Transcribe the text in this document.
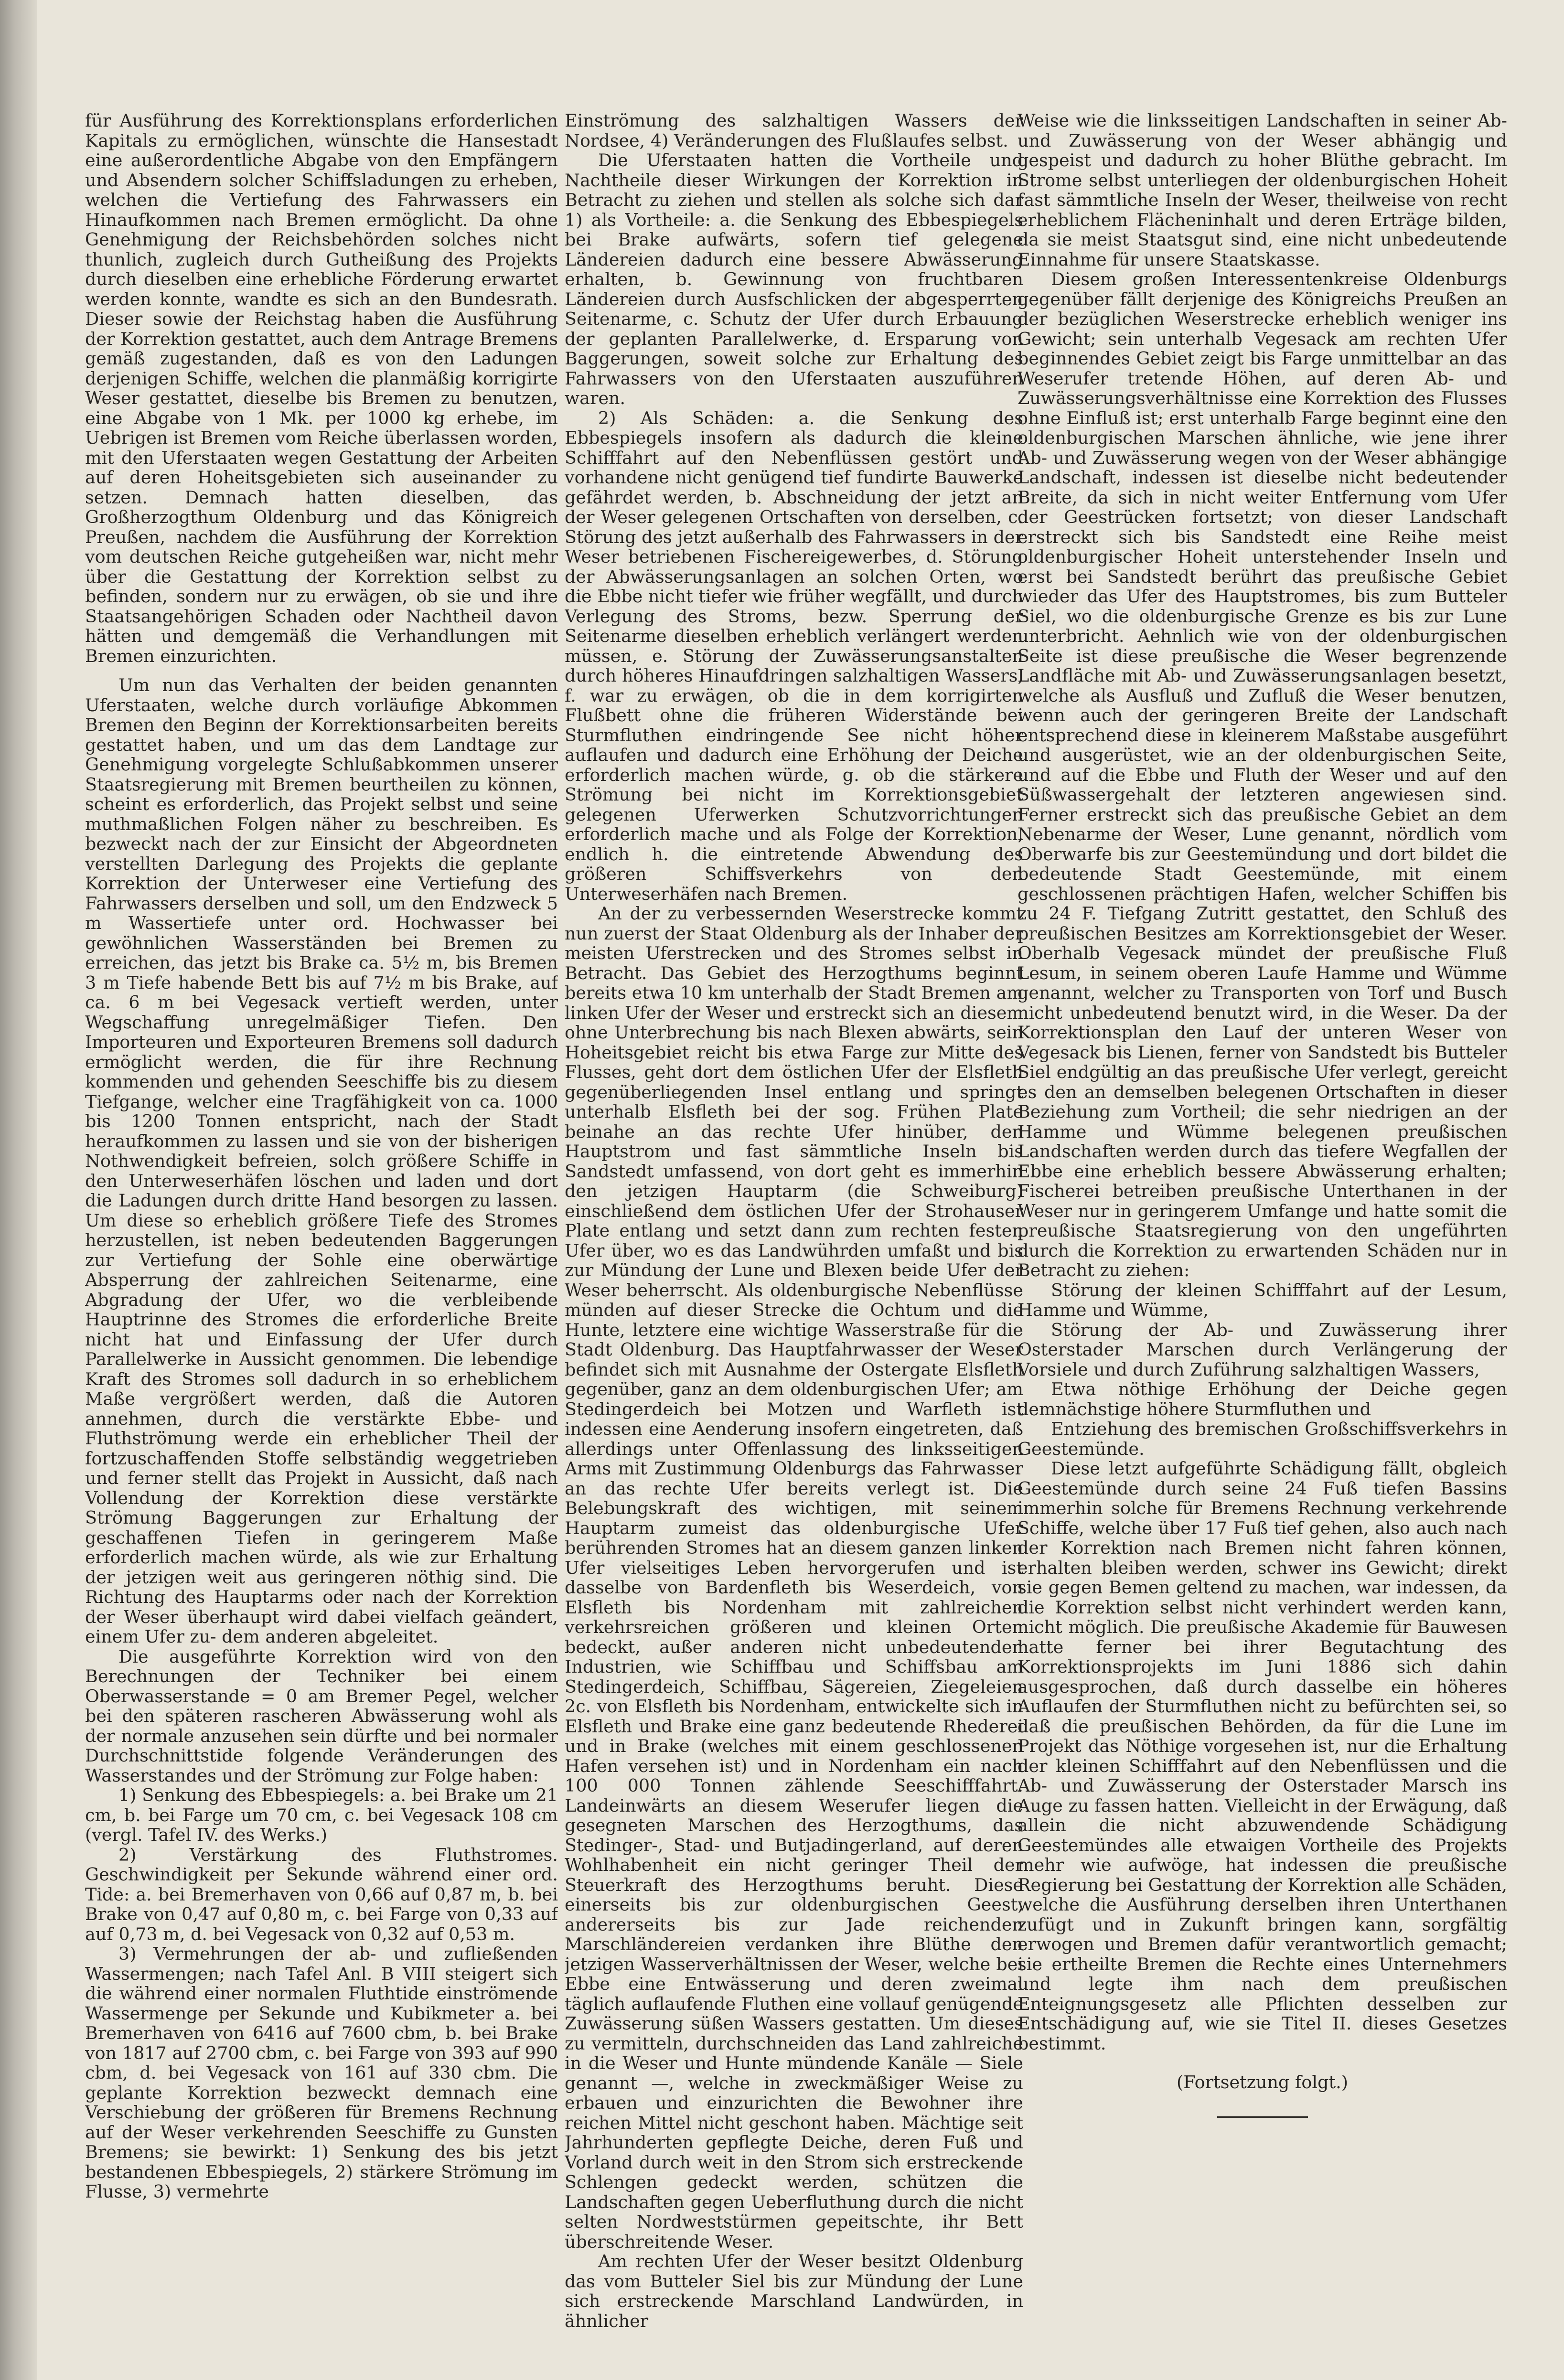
für Ausführung des Korrektionsplans erforderlichen Kapitals zu ermöglichen, wünschte die Hansestadt eine außerordentliche Abgabe von den Empfängern und Absendern solcher Schiffsladungen zu erheben, welchen die Vertiefung des Fahrwassers ein Hinaufkommen nach Bremen ermöglicht. Da ohne Genehmigung der Reichsbehörden solches nicht thunlich, zugleich durch Gutheißung des Projekts durch dieselben eine erhebliche Förderung erwartet werden konnte, wandte es sich an den Bundesrath. Dieser sowie der Reichstag haben die Ausführung der Korrektion gestattet, auch dem Antrage Bremens gemäß zugestanden, daß es von den Ladungen derjenigen Schiffe, welchen die planmäßig korrigirte Weser gestattet, dieselbe bis Bremen zu benutzen, eine Abgabe von 1 Mk. per 1000 kg erhebe, im Uebrigen ist Bremen vom Reiche überlassen worden, mit den Uferstaaten wegen Gestattung der Arbeiten auf deren Hoheitsgebieten sich auseinander zu setzen. Demnach hatten dieselben, das Großherzogthum Oldenburg und das Königreich Preußen, nachdem die Ausführung der Korrektion vom deutschen Reiche gutgeheißen war, nicht mehr über die Gestattung der Korrektion selbst zu befinden, sondern nur zu erwägen, ob sie und ihre Staatsangehörigen Schaden oder Nachtheil davon hätten und demgemäß die Verhandlungen mit Bremen einzurichten.

Um nun das Verhalten der beiden genannten Uferstaaten, welche durch vorläufige Abkommen Bremen den Beginn der Korrektionsarbeiten bereits gestattet haben, und um das dem Landtage zur Genehmigung vorgelegte Schlußabkommen unserer Staatsregierung mit Bremen beurtheilen zu können, scheint es erforderlich, das Projekt selbst und seine muthmaßlichen Folgen näher zu beschreiben. Es bezweckt nach der zur Einsicht der Abgeordneten verstellten Darlegung des Projekts die geplante Korrektion der Unterweser eine Vertiefung des Fahrwassers derselben und soll, um den Endzweck 5 m Wassertiefe unter ord. Hochwasser bei gewöhnlichen Wasserständen bei Bremen zu erreichen, das jetzt bis Brake ca. 5½ m, bis Bremen 3 m Tiefe habende Bett bis auf 7½ m bis Brake, auf ca. 6 m bei Vegesack vertieft werden, unter Wegschaffung unregelmäßiger Tiefen. Den Importeuren und Exporteuren Bremens soll dadurch ermöglicht werden, die für ihre Rechnung kommenden und gehenden Seeschiffe bis zu diesem Tiefgange, welcher eine Tragfähigkeit von ca. 1000 bis 1200 Tonnen entspricht, nach der Stadt heraufkommen zu lassen und sie von der bisherigen Nothwendigkeit befreien, solch größere Schiffe in den Unterweserhäfen löschen und laden und dort die Ladungen durch dritte Hand besorgen zu lassen. Um diese so erheblich größere Tiefe des Stromes herzustellen, ist neben bedeutenden Baggerungen zur Vertiefung der Sohle eine oberwärtige Absperrung der zahlreichen Seitenarme, eine Abgradung der Ufer, wo die verbleibende Hauptrinne des Stromes die erforderliche Breite nicht hat und Einfassung der Ufer durch Parallelwerke in Aussicht genommen. Die lebendige Kraft des Stromes soll dadurch in so erheblichem Maße vergrößert werden, daß die Autoren annehmen, durch die verstärkte Ebbe- und Fluthströmung werde ein erheblicher Theil der fortzuschaffenden Stoffe selbständig weggetrieben und ferner stellt das Projekt in Aussicht, daß nach Vollendung der Korrektion diese verstärkte Strömung Baggerungen zur Erhaltung der geschaffenen Tiefen in geringerem Maße erforderlich machen würde, als wie zur Erhaltung der jetzigen weit aus geringeren nöthig sind. Die Richtung des Hauptarms oder nach der Korrektion der Weser überhaupt wird dabei vielfach geändert, einem Ufer zu- dem anderen abgeleitet.

Die ausgeführte Korrektion wird von den Berechnungen der Techniker bei einem Oberwasserstande = 0 am Bremer Pegel, welcher bei den späteren rascheren Abwässerung wohl als der normale anzusehen sein dürfte und bei normaler Durchschnittstide folgende Veränderungen des Wasserstandes und der Strömung zur Folge haben:

1) Senkung des Ebbespiegels: a. bei Brake um 21 cm, b. bei Farge um 70 cm, c. bei Vegesack 108 cm (vergl. Tafel IV. des Werks.)

2) Verstärkung des Fluthstromes. Geschwindigkeit per Sekunde während einer ord. Tide: a. bei Bremerhaven von 0,66 auf 0,87 m, b. bei Brake von 0,47 auf 0,80 m, c. bei Farge von 0,33 auf auf 0,73 m, d. bei Vegesack von 0,32 auf 0,53 m.

3) Vermehrungen der ab- und zufließenden Wassermengen; nach Tafel Anl. B VIII steigert sich die während einer normalen Fluthtide einströmende Wassermenge per Sekunde und Kubikmeter a. bei Bremerhaven von 6416 auf 7600 cbm, b. bei Brake von 1817 auf 2700 cbm, c. bei Farge von 393 auf 990 cbm, d. bei Vegesack von 161 auf 330 cbm. Die geplante Korrektion bezweckt demnach eine Verschiebung der größeren für Bremens Rechnung auf der Weser verkehrenden Seeschiffe zu Gunsten Bremens; sie bewirkt: 1) Senkung des bis jetzt bestandenen Ebbespiegels, 2) stärkere Strömung im Flusse, 3) vermehrte

Einströmung des salzhaltigen Wassers der Nordsee, 4) Veränderungen des Flußlaufes selbst.

Die Uferstaaten hatten die Vortheile und Nachtheile dieser Wirkungen der Korrektion in Betracht zu ziehen und stellen als solche sich dar 1) als Vortheile: a. die Senkung des Ebbespiegels bei Brake aufwärts, sofern tief gelegene Ländereien dadurch eine bessere Abwässerung erhalten, b. Gewinnung von fruchtbaren Ländereien durch Ausfschlicken der abgesperrten Seitenarme, c. Schutz der Ufer durch Erbauung der geplanten Parallelwerke, d. Ersparung von Baggerungen, soweit solche zur Erhaltung des Fahrwassers von den Uferstaaten auszuführen waren.

2) Als Schäden: a. die Senkung des Ebbespiegels insofern als dadurch die kleine Schifffahrt auf den Nebenflüssen gestört und vorhandene nicht genügend tief fundirte Bauwerke gefährdet werden, b. Abschneidung der jetzt an der Weser gelegenen Ortschaften von derselben, c. Störung des jetzt außerhalb des Fahrwassers in der Weser betriebenen Fischereigewerbes, d. Störung der Abwässerungsanlagen an solchen Orten, wo die Ebbe nicht tiefer wie früher wegfällt, und durch Verlegung des Stroms, bezw. Sperrung der Seitenarme dieselben erheblich verlängert werden müssen, e. Störung der Zuwässerungsanstalten durch höheres Hinaufdringen salzhaltigen Wassers, f. war zu erwägen, ob die in dem korrigirten Flußbett ohne die früheren Widerstände bei Sturmfluthen eindringende See nicht höher auflaufen und dadurch eine Erhöhung der Deiche erforderlich machen würde, g. ob die stärkere Strömung bei nicht im Korrektionsgebiet gelegenen Uferwerken Schutzvorrichtungen erforderlich mache und als Folge der Korrektion, endlich h. die eintretende Abwendung des größeren Schiffsverkehrs von den Unterweserhäfen nach Bremen.

An der zu verbessernden Weserstrecke kommt nun zuerst der Staat Oldenburg als der Inhaber der meisten Uferstrecken und des Stromes selbst in Betracht. Das Gebiet des Herzogthums beginnt bereits etwa 10 km unterhalb der Stadt Bremen am linken Ufer der Weser und erstreckt sich an diesem ohne Unterbrechung bis nach Blexen abwärts, sein Hoheitsgebiet reicht bis etwa Farge zur Mitte des Flusses, geht dort dem östlichen Ufer der Elsfleth gegenüberliegenden Insel entlang und springt unterhalb Elsfleth bei der sog. Frühen Plate beinahe an das rechte Ufer hinüber, den Hauptstrom und fast sämmtliche Inseln bis Sandstedt umfassend, von dort geht es immerhin den jetzigen Hauptarm (die Schweiburg) einschließend dem östlichen Ufer der Strohauser Plate entlang und setzt dann zum rechten festen Ufer über, wo es das Landwührden umfaßt und bis zur Mündung der Lune und Blexen beide Ufer der Weser beherrscht. Als oldenburgische Nebenflüsse münden auf dieser Strecke die Ochtum und die Hunte, letztere eine wichtige Wasserstraße für die Stadt Oldenburg. Das Hauptfahrwasser der Weser befindet sich mit Ausnahme der Ostergate Elsfleth gegenüber, ganz an dem oldenburgischen Ufer; am Stedingerdeich bei Motzen und Warfleth ist indessen eine Aenderung insofern eingetreten, daß allerdings unter Offenlassung des linksseitigen Arms mit Zustimmung Oldenburgs das Fahrwasser an das rechte Ufer bereits verlegt ist. Die Belebungskraft des wichtigen, mit seinem Hauptarm zumeist das oldenburgische Ufer berührenden Stromes hat an diesem ganzen linken Ufer vielseitiges Leben hervorgerufen und ist dasselbe von Bardenfleth bis Weserdeich, von Elsfleth bis Nordenham mit zahlreichen verkehrsreichen größeren und kleinen Orten bedeckt, außer anderen nicht unbedeutenden Industrien, wie Schiffbau und Schiffsbau am Stedingerdeich, Schiffbau, Sägereien, Ziegeleien 2c. von Elsfleth bis Nordenham, entwickelte sich in Elsfleth und Brake eine ganz bedeutende Rhederei und in Brake (welches mit einem geschlossenen Hafen versehen ist) und in Nordenham ein nach 100 000 Tonnen zählende Seeschifffahrt. Landeinwärts an diesem Weserufer liegen die gesegneten Marschen des Herzogthums, das Stedinger-, Stad- und Butjadingerland, auf deren Wohlhabenheit ein nicht geringer Theil der Steuerkraft des Herzogthums beruht. Diese einerseits bis zur oldenburgischen Geest, andererseits bis zur Jade reichenden Marschländereien verdanken ihre Blüthe den jetzigen Wasserverhältnissen der Weser, welche bei Ebbe eine Entwässerung und deren zweimal täglich auflaufende Fluthen eine vollauf genügende Zuwässerung süßen Wassers gestatten. Um dieses zu vermitteln, durchschneiden das Land zahlreiche in die Weser und Hunte mündende Kanäle — Siele genannt —, welche in zweckmäßiger Weise zu erbauen und einzurichten die Bewohner ihre reichen Mittel nicht geschont haben. Mächtige seit Jahrhunderten gepflegte Deiche, deren Fuß und Vorland durch weit in den Strom sich erstreckende Schlengen gedeckt werden, schützen die Landschaften gegen Ueberfluthung durch die nicht selten Nordweststürmen gepeitschte, ihr Bett überschreitende Weser.

Am rechten Ufer der Weser besitzt Oldenburg das vom Butteler Siel bis zur Mündung der Lune sich erstreckende Marschland Landwürden, in ähnlicher

Weise wie die linksseitigen Landschaften in seiner Ab- und Zuwässerung von der Weser abhängig und gespeist und dadurch zu hoher Blüthe gebracht. Im Strome selbst unterliegen der oldenburgischen Hoheit fast sämmtliche Inseln der Weser, theilweise von recht erheblichem Flächeninhalt und deren Erträge bilden, da sie meist Staatsgut sind, eine nicht unbedeutende Einnahme für unsere Staatskasse.

Diesem großen Interessentenkreise Oldenburgs gegenüber fällt derjenige des Königreichs Preußen an der bezüglichen Weserstrecke erheblich weniger ins Gewicht; sein unterhalb Vegesack am rechten Ufer beginnendes Gebiet zeigt bis Farge unmittelbar an das Weserufer tretende Höhen, auf deren Ab- und Zuwässerungsverhältnisse eine Korrektion des Flusses ohne Einfluß ist; erst unterhalb Farge beginnt eine den oldenburgischen Marschen ähnliche, wie jene ihrer Ab- und Zuwässerung wegen von der Weser abhängige Landschaft, indessen ist dieselbe nicht bedeutender Breite, da sich in nicht weiter Entfernung vom Ufer der Geestrücken fortsetzt; von dieser Landschaft erstreckt sich bis Sandstedt eine Reihe meist oldenburgischer Hoheit unterstehender Inseln und erst bei Sandstedt berührt das preußische Gebiet wieder das Ufer des Hauptstromes, bis zum Butteler Siel, wo die oldenburgische Grenze es bis zur Lune unterbricht. Aehnlich wie von der oldenburgischen Seite ist diese preußische die Weser begrenzende Landfläche mit Ab- und Zuwässerungsanlagen besetzt, welche als Ausfluß und Zufluß die Weser benutzen, wenn auch der geringeren Breite der Landschaft entsprechend diese in kleinerem Maßstabe ausgeführt und ausgerüstet, wie an der oldenburgischen Seite, und auf die Ebbe und Fluth der Weser und auf den Süßwassergehalt der letzteren angewiesen sind. Ferner erstreckt sich das preußische Gebiet an dem Nebenarme der Weser, Lune genannt, nördlich vom Oberwarfe bis zur Geestemündung und dort bildet die bedeutende Stadt Geestemünde, mit einem geschlossenen prächtigen Hafen, welcher Schiffen bis zu 24 F. Tiefgang Zutritt gestattet, den Schluß des preußischen Besitzes am Korrektionsgebiet der Weser. Oberhalb Vegesack mündet der preußische Fluß Lesum, in seinem oberen Laufe Hamme und Wümme genannt, welcher zu Transporten von Torf und Busch nicht unbedeutend benutzt wird, in die Weser. Da der Korrektionsplan den Lauf der unteren Weser von Vegesack bis Lienen, ferner von Sandstedt bis Butteler Siel endgültig an das preußische Ufer verlegt, gereicht es den an demselben belegenen Ortschaften in dieser Beziehung zum Vortheil; die sehr niedrigen an der Hamme und Wümme belegenen preußischen Landschaften werden durch das tiefere Wegfallen der Ebbe eine erheblich bessere Abwässerung erhalten; Fischerei betreiben preußische Unterthanen in der Weser nur in geringerem Umfange und hatte somit die preußische Staatsregierung von den ungeführten durch die Korrektion zu erwartenden Schäden nur in Betracht zu ziehen:

Störung der kleinen Schifffahrt auf der Lesum, Hamme und Wümme,

Störung der Ab- und Zuwässerung ihrer Osterstader Marschen durch Verlängerung der Vorsiele und durch Zuführung salzhaltigen Wassers,

Etwa nöthige Erhöhung der Deiche gegen demnächstige höhere Sturmfluthen und

Entziehung des bremischen Großschiffsverkehrs in Geestemünde.

Diese letzt aufgeführte Schädigung fällt, obgleich Geestemünde durch seine 24 Fuß tiefen Bassins immerhin solche für Bremens Rechnung verkehrende Schiffe, welche über 17 Fuß tief gehen, also auch nach der Korrektion nach Bremen nicht fahren können, erhalten bleiben werden, schwer ins Gewicht; direkt sie gegen Bemen geltend zu machen, war indessen, da die Korrektion selbst nicht verhindert werden kann, nicht möglich. Die preußische Akademie für Bauwesen hatte ferner bei ihrer Begutachtung des Korrektionsprojekts im Juni 1886 sich dahin ausgesprochen, daß durch dasselbe ein höheres Auflaufen der Sturmfluthen nicht zu befürchten sei, so daß die preußischen Behörden, da für die Lune im Projekt das Nöthige vorgesehen ist, nur die Erhaltung der kleinen Schifffahrt auf den Nebenflüssen und die Ab- und Zuwässerung der Osterstader Marsch ins Auge zu fassen hatten. Vielleicht in der Erwägung, daß allein die nicht abzuwendende Schädigung Geestemündes alle etwaigen Vortheile des Projekts mehr wie aufwöge, hat indessen die preußische Regierung bei Gestattung der Korrektion alle Schäden, welche die Ausführung derselben ihren Unterthanen zufügt und in Zukunft bringen kann, sorgfältig erwogen und Bremen dafür verantwortlich gemacht; sie ertheilte Bremen die Rechte eines Unternehmers und legte ihm nach dem preußischen Enteignungsgesetz alle Pflichten desselben zur Entschädigung auf, wie sie Titel II. dieses Gesetzes bestimmt.

(Fortsetzung folgt.)
